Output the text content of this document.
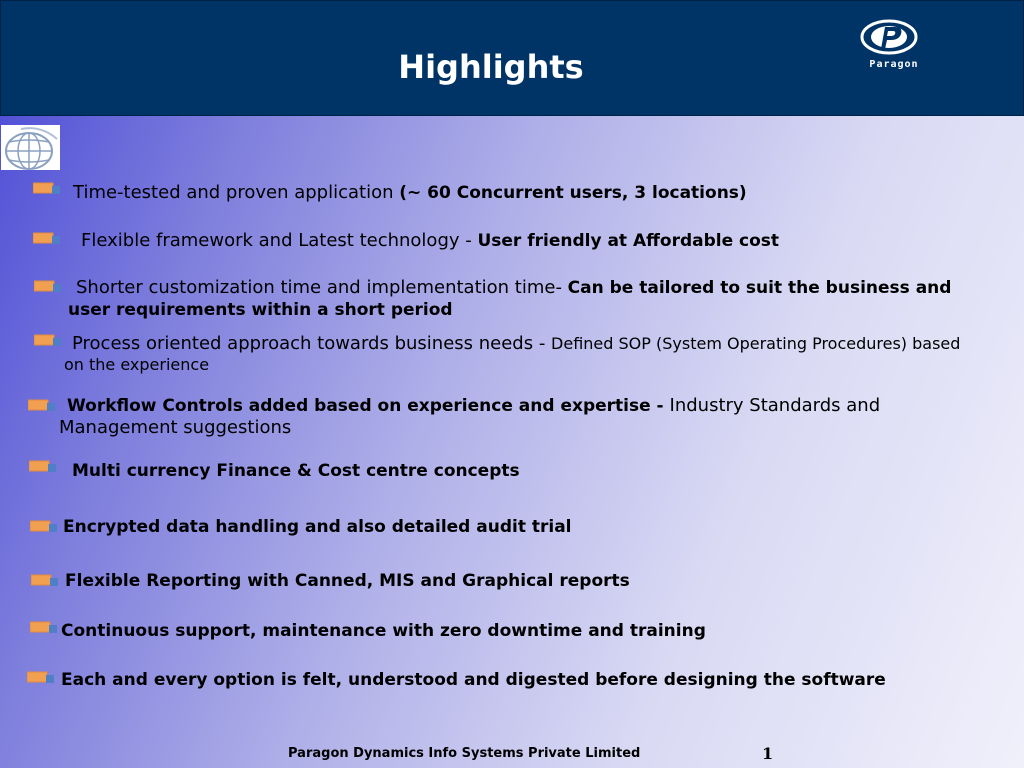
Highlights	Paragon
Time-tested and proven application (~ 60 Concurrent users, 3 locations)
Flexible framework and Latest technology - User friendly at Affordable cost
Shorter customization time and implementation time- Can be tailored to suit the business and user requirements within a short period
Process oriented approach towards business needs - Defined SOP (System Operating Procedures) based on the experience
Workflow Controls added based on experience and expertise - Industry Standards and Management suggestions
Multi currency Finance & Cost centre concepts
Encrypted data handling and also detailed audit trial
Flexible Reporting with Canned, MIS and Graphical reports
Continuous support, maintenance with zero downtime and training
Each and every option is felt, understood and digested before designing the software
Paragon Dynamics Info Systems Private Limited	1
